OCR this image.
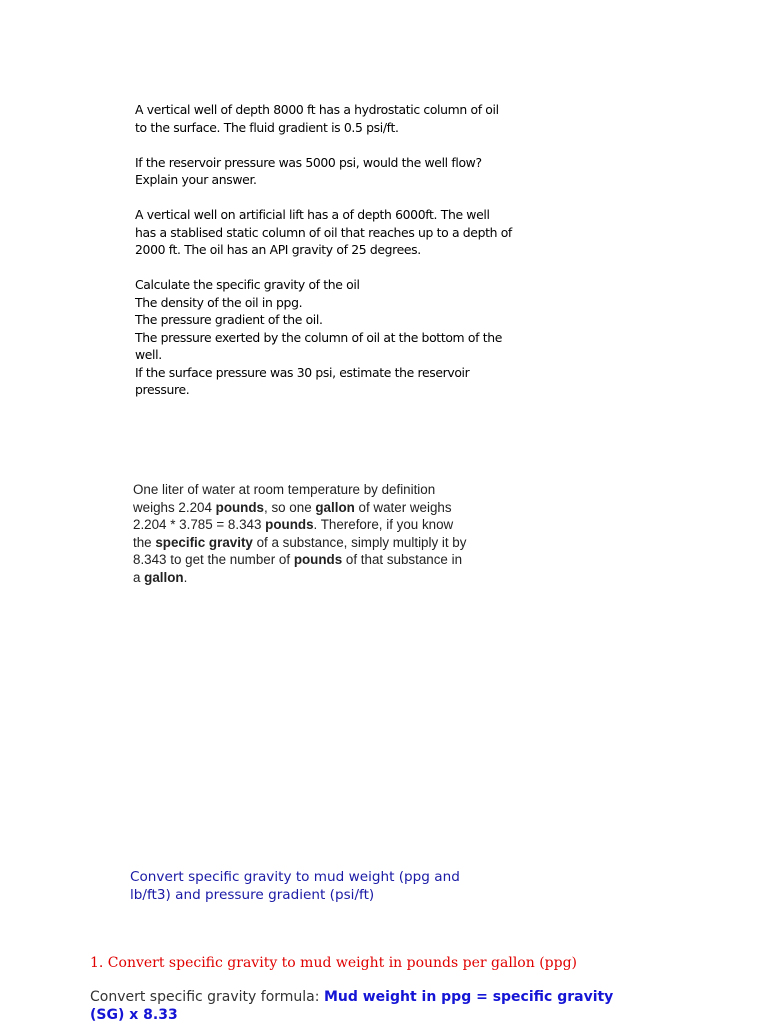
A vertical well of depth 8000 ft has a hydrostatic column of oil
to the surface. The fluid gradient is 0.5 psi/ft.

If the reservoir pressure was 5000 psi, would the well flow?
Explain your answer.

A vertical well on artificial lift has a of depth 6000ft. The well
has a stablised static column of oil that reaches up to a depth of
2000 ft. The oil has an API gravity of 25 degrees.

Calculate the specific gravity of the oil
The density of the oil in ppg.
The pressure gradient of the oil.
The pressure exerted by the column of oil at the bottom of the
well.
If the surface pressure was 30 psi, estimate the reservoir
pressure.

One liter of water at room temperature by definition
weighs 2.204 pounds, so one gallon of water weighs
2.204 * 3.785 = 8.343 pounds. Therefore, if you know
the specific gravity of a substance, simply multiply it by
8.343 to get the number of pounds of that substance in
a gallon.

Convert specific gravity to mud weight (ppg and
lb/ft3) and pressure gradient (psi/ft)
1. Convert specific gravity to mud weight in pounds per gallon (ppg)
Convert specific gravity formula: Mud weight in ppg = specific gravity
(SG) x 8.33
